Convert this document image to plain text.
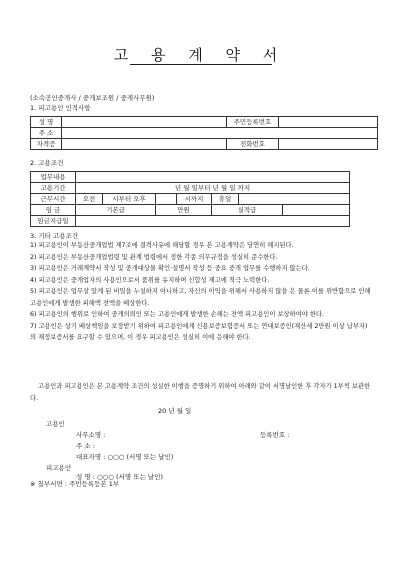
고 용 계 약 서
(소속공인중개사 / 중개보조원 / 중개사무원)
1. 피고용인 인적사항
성 명		주민등록번호	
주 소			
자격증		전화번호	
2. 고용조건
업무내용							
고용기간	년 월 일부터 년 월 일 까지						
근무시간	오전	시부터 오후		시까지	휴일		
임 금	기본급		만원		실적급		
임금지급일							
3. 기타 고용조건

1) 피고용인이 부동산중개업법 제7조에 결격사유에 해당할 경우 본 고용계약은 당연히 해지된다.

2) 피고용인은 부동산중개업법령 및 관계 법령에서 정한 각종 의무규정을 성실히 준수한다.

3) 피고용인은 거래계약서 작성 및 중개대상물 확인·설명서 작성 등 중요 중개 업무를 수행하지 않는다.

4) 피고용인은 중개업자의 사용인으로서 품위를 유지하며 신합성 제고에 적극 노력한다.

5) 피고용인은 업무상 알게 된 비밀을 누설하지 아니하고, 자신의 이익을 위해서 사용하지 않을 은 물론 이를 위반함으로 인해 고용인에게 발생한 피해액 전액을 배상한다.

6) 피고용인의 행위로 인하여 중개의뢰인 또는 고용인에게 발생한 손해는 전액 피고용인이 보상하여야 한다.

7) 고용인은 상기 배상책임을 보장받기 위하여 피고용인에게 신용보증보험증서 또는 연대보증인(재산세 2만원 이상 납부자) 의 재정보증서를 요구할 수 있으며, 이 경우 피고용인은 성실히 이에 응해야 한다.

고용인과 피고용인은 본 고용계약 조건의 성실한 이행을 증명하기 위하여 아래와 같이 서명날인한 후 각자가 1부씩 보관한다.
20 년 월 일
고용인
사무소명 :	등록번호 :
주 소 :
대표자명 : ○○○ (서명 또는 날인)
피고용인
성 명 : ○○○ (서명 또는 날인)
※ 첨부서면 : 주민등록등본 1부
